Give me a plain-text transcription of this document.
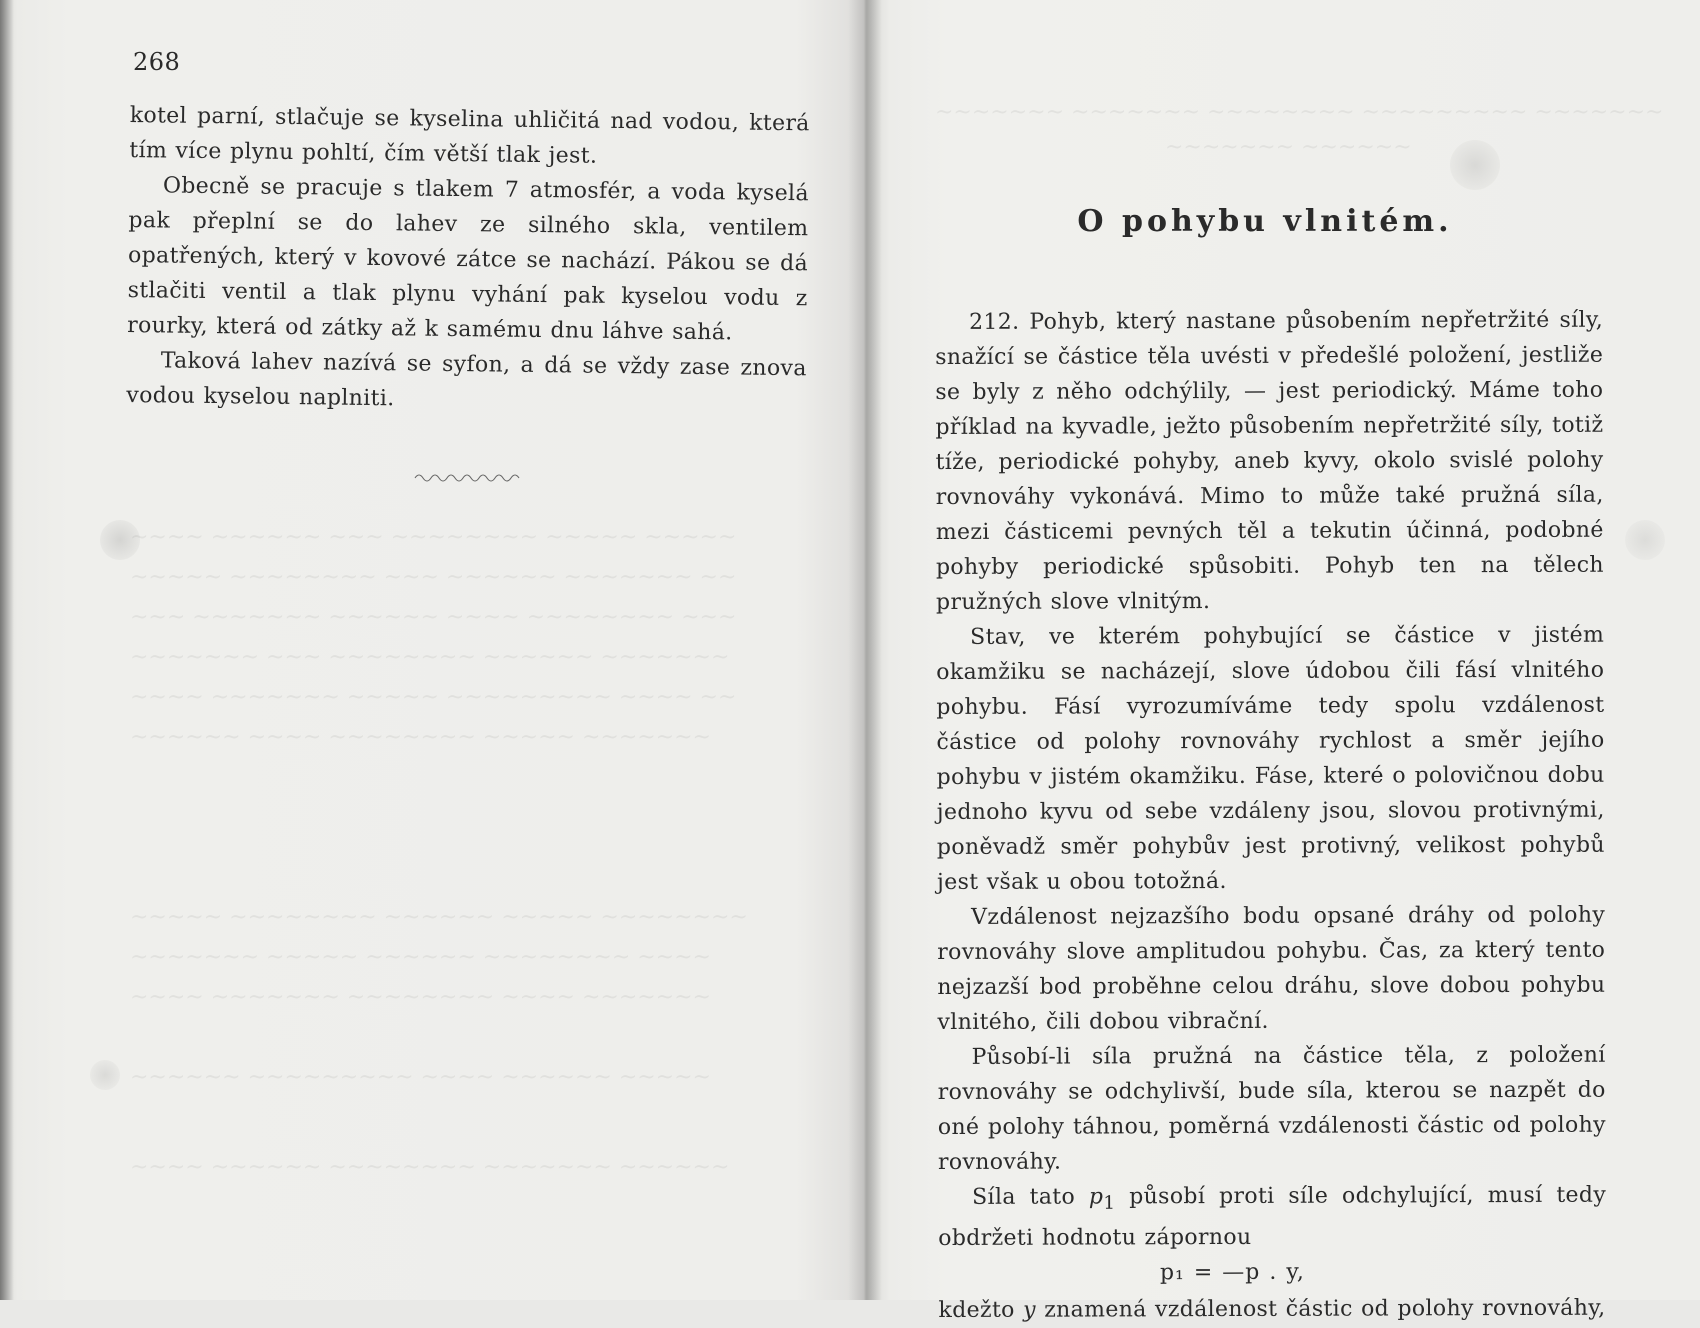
~~~~ ~~~~~~ ~~~ ~~~~~~~~ ~~~~~ ~~~~~
~~~~~ ~~~~~~~~ ~~~ ~~~~~~ ~~~~~~~ ~~
~~~ ~~~~~~~ ~~~~~~ ~~~~ ~~~~~~~~ ~~~
~~~~~~~ ~~~ ~~~~~~~~ ~~~~~~ ~~~~~~~
~~~~ ~~~~~~~ ~~~~~ ~~~~~~~~~ ~~~~ ~~
~~~~~~ ~~~~ ~~~~~~~~ ~~~~~ ~~~~~~~
~~~~~ ~~~~~~~~ ~~~~~~ ~~~~~ ~~~~~~~~
~~~~~~~ ~~~~~ ~~~~~~ ~~~~~~~~ ~~~~
~~~~ ~~~~~~~ ~~~~~~~~ ~~~~ ~~~~~~~
~~~~~~ ~~~~~~~~~ ~~~~ ~~~~~~ ~~~~~
~~~~ ~~~~~~ ~~~~~~~~ ~~~~~~~ ~~~~~~
268

kotel parní, stlačuje se kyselina uhličitá nad vodou, která tím více plynu pohltí, čím větší tlak jest.

Obecně se pracuje s tlakem 7 atmosfér, a voda kyselá pak přeplní se do lahev ze silného skla, ventilem opatřených, který v kovové zátce se nachází. Pákou se dá stlačiti ventil a tlak plynu vyhání pak kyselou vodu z rourky, která od zátky až k samému dnu láhve sahá.

Taková lahev nazívá se syfon, a dá se vždy zase znova vodou kyselou naplniti.

~~~~~~~ ~~~~~~~ ~~~~~~~~ ~~~~~~~~~ ~~~~~~~
~~~~~~~ ~~~~~~
O pohybu vlnitém.

212. Pohyb, který nastane působením nepřetržité síly, snažící se částice těla uvésti v předešlé položení, jestliže se byly z něho odchýlily, — jest periodický. Máme toho příklad na kyvadle, ježto působením nepřetržité síly, totiž tíže, periodické pohyby, aneb kyvy, okolo svislé polohy rovnováhy vykonává. Mimo to může také pružná síla, mezi částicemi pevných těl a tekutin účinná, podobné pohyby periodické spůsobiti. Pohyb ten na tělech pružných slove vlnitým.

Stav, ve kterém pohybující se částice v jistém okamžiku se nacházejí, slove údobou čili fásí vlnitého pohybu. Fásí vyrozumíváme tedy spolu vzdálenost částice od polohy rovnováhy rychlost a směr jejího pohybu v jistém okamžiku. Fáse, které o polovičnou dobu jednoho kyvu od sebe vzdáleny jsou, slovou protivnými, poněvadž směr pohybův jest protivný, velikost pohybů jest však u obou totožná.

Vzdálenost nejzazšího bodu opsané dráhy od polohy rovnováhy slove amplitudou pohybu. Čas, za který tento nejzazší bod proběhne celou dráhu, slove dobou pohybu vlnitého, čili dobou vibrační.

Působí-li síla pružná na částice těla, z položení rovnováhy se odchylivší, bude síla, kterou se nazpět do oné polohy táhnou, poměrná vzdálenosti částic od polohy rovnováhy.

Síla tato $p_1$ působí proti síle odchylující, musí tedy obdržeti hodnotu zápornou

p₁ = —p . y,

kdežto y znamená vzdálenost částic od polohy rovnováhy,
